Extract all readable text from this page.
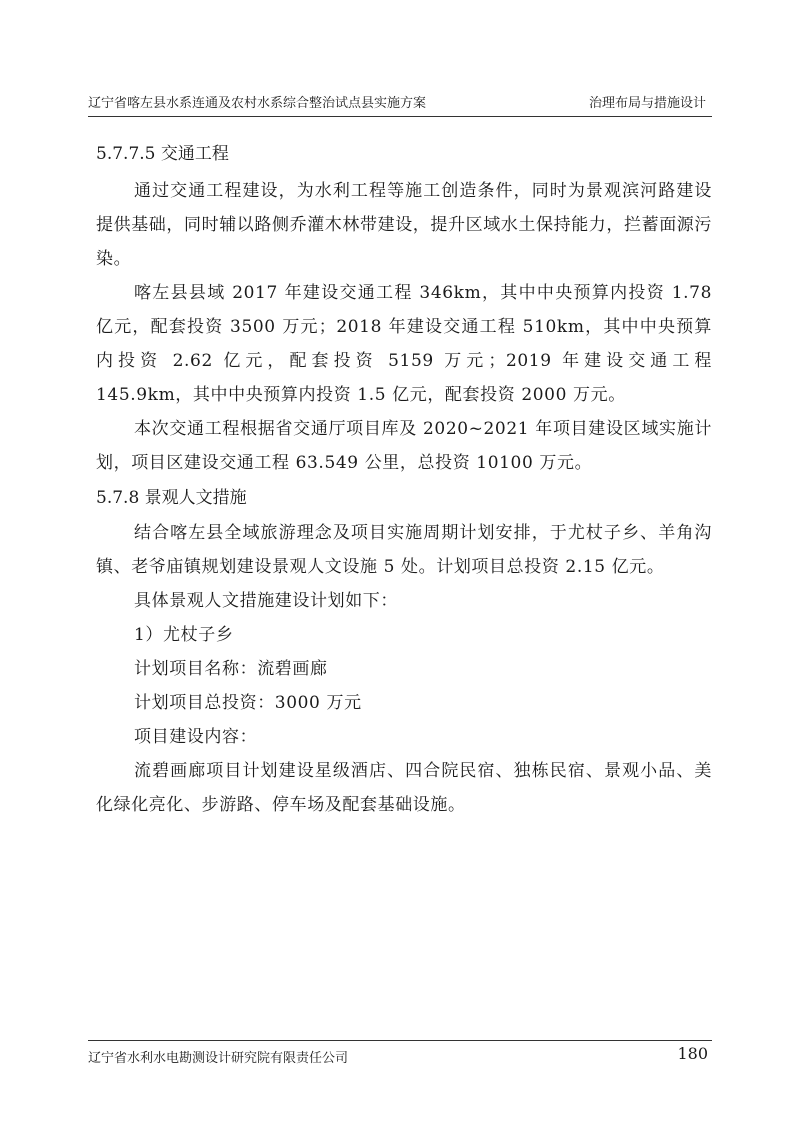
辽宁省喀左县水系连通及农村水系综合整治试点县实施方案	治理布局与措施设计
5.7.7.5 交通工程

通过交通工程建设，为水利工程等施工创造条件，同时为景观滨河路建设提供基础，同时辅以路侧乔灌木林带建设，提升区域水土保持能力，拦蓄面源污染。

喀左县县域 2017 年建设交通工程 346km，其中中央预算内投资 1.78 亿元，配套投资 3500 万元；2018 年建设交通工程 510km，其中中央预算内投资 2.62 亿元，配套投资 5159 万元；2019 年建设交通工程 145.9km，其中中央预算内投资 1.5 亿元，配套投资 2000 万元。

本次交通工程根据省交通厅项目库及 2020~2021 年项目建设区域实施计划，项目区建设交通工程 63.549 公里，总投资 10100 万元。

5.7.8 景观人文措施

结合喀左县全域旅游理念及项目实施周期计划安排，于尤杖子乡、羊角沟镇、老爷庙镇规划建设景观人文设施 5 处。计划项目总投资 2.15 亿元。

具体景观人文措施建设计划如下：
1）尤杖子乡
计划项目名称：流碧画廊
计划项目总投资：3000 万元
项目建设内容：

流碧画廊项目计划建设星级酒店、四合院民宿、独栋民宿、景观小品、美化绿化亮化、步游路、停车场及配套基础设施。

辽宁省水利水电勘测设计研究院有限责任公司	180
